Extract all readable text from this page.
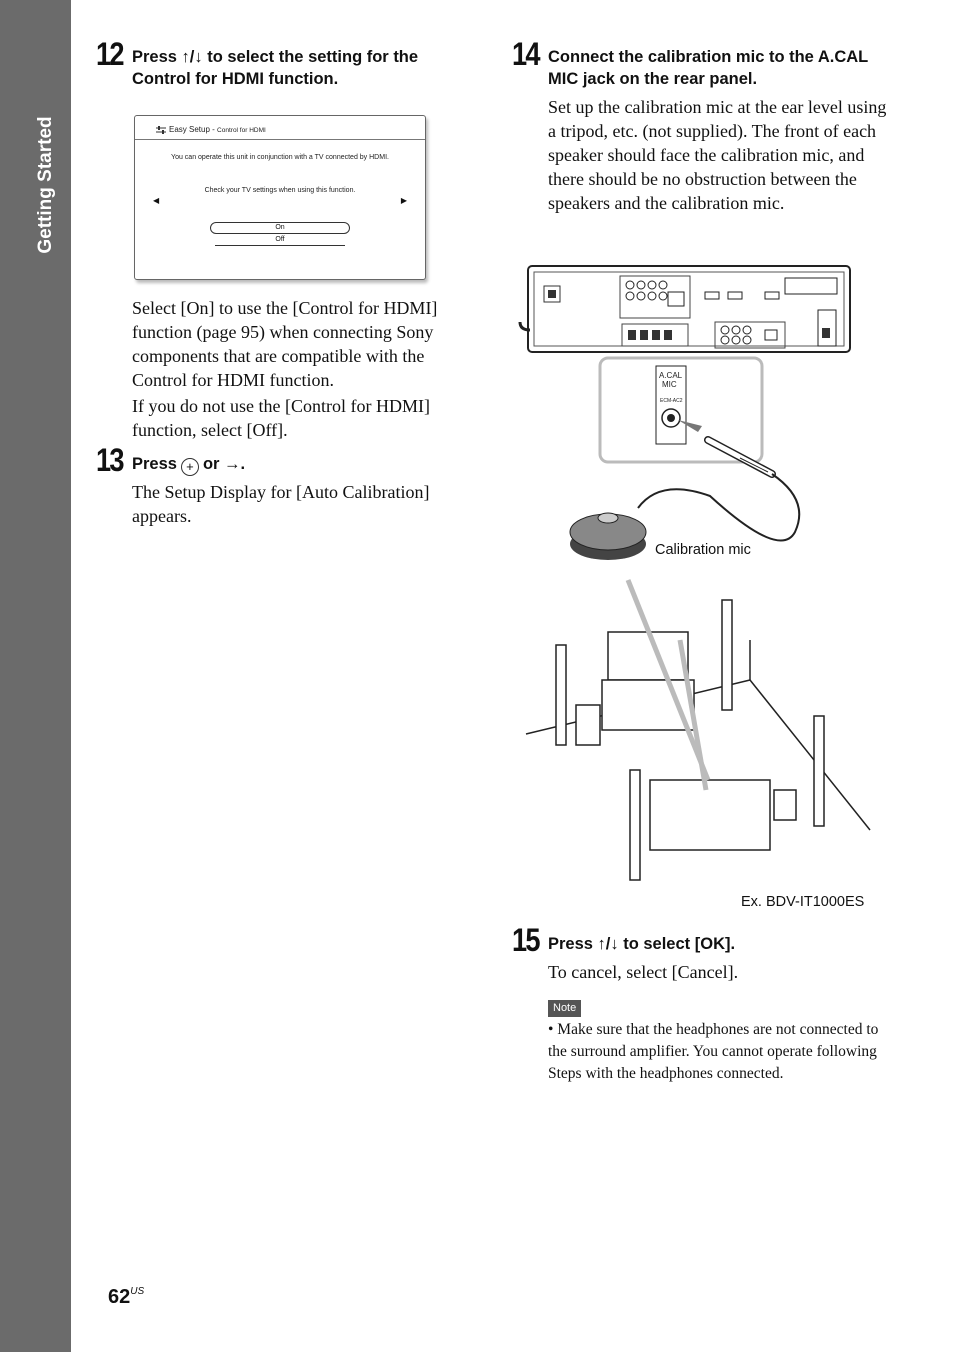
Getting Started
12 Press ↑/↓ to select the setting for the Control for HDMI function.
Easy Setup - Control for HDMI
You can operate this unit in conjunction with a TV connected by HDMI.
Check your TV settings when using this function.
◀	▶
On
Off
Select [On] to use the [Control for HDMI] function (page 95) when connecting Sony components that are compatible with the Control for HDMI function.
If you do not use the [Control for HDMI] function, select [Off].
13 Press + or →.
The Setup Display for [Auto Calibration] appears.
14 Connect the calibration mic to the A.CAL MIC jack on the rear panel.
Set up the calibration mic at the ear level using a tripod, etc. (not supplied). The front of each speaker should face the calibration mic, and there should be no obstruction between the speakers and the calibration mic.
A.CAL
MIC
ECM-AC2
Calibration mic
Ex. BDV-IT1000ES
15 Press ↑/↓ to select [OK].
To cancel, select [Cancel].
Note
• Make sure that the headphones are not connected to the surround amplifier. You cannot operate following Steps with the headphones connected.
$62^{US}$
